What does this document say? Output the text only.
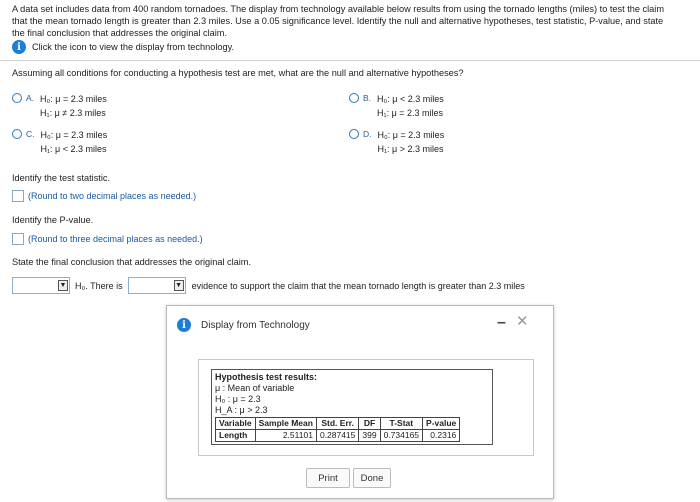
A data set includes data from 400 random tornadoes. The display from technology available below results from using the tornado lengths (miles) to test the claim
that the mean tornado length is greater than 2.3 miles. Use a 0.05 significance level. Identify the null and alternative hypotheses, test statistic, P-value, and state
the final conclusion that addresses the original claim.
i	Click the icon to view the display from technology.
Assuming all conditions for conducting a hypothesis test are met, what are the null and alternative hypotheses?
A. H₀: μ = 2.3 miles
H₁: μ ≠ 2.3 miles
B. H₀: μ < 2.3 miles
H₁: μ = 2.3 miles
C. H₀: μ = 2.3 miles
H₁: μ < 2.3 miles
D. H₀: μ = 2.3 miles
H₁: μ > 2.3 miles
Identify the test statistic.
(Round to two decimal places as needed.)
Identify the P-value.
(Round to three decimal places as needed.)
State the final conclusion that addresses the original claim.
▼ H₀. There is	▼ evidence to support the claim that the mean tornado length is greater than 2.3 miles
i	Display from Technology	– ✕
Hypothesis test results:
μ : Mean of variable
H₀ : μ = 2.3
H_A : μ > 2.3
Variable	Sample Mean	Std. Err.	DF	T-Stat	P-value
Length	2.51101	0.287415	399	0.734165	0.2316
Print	Done
